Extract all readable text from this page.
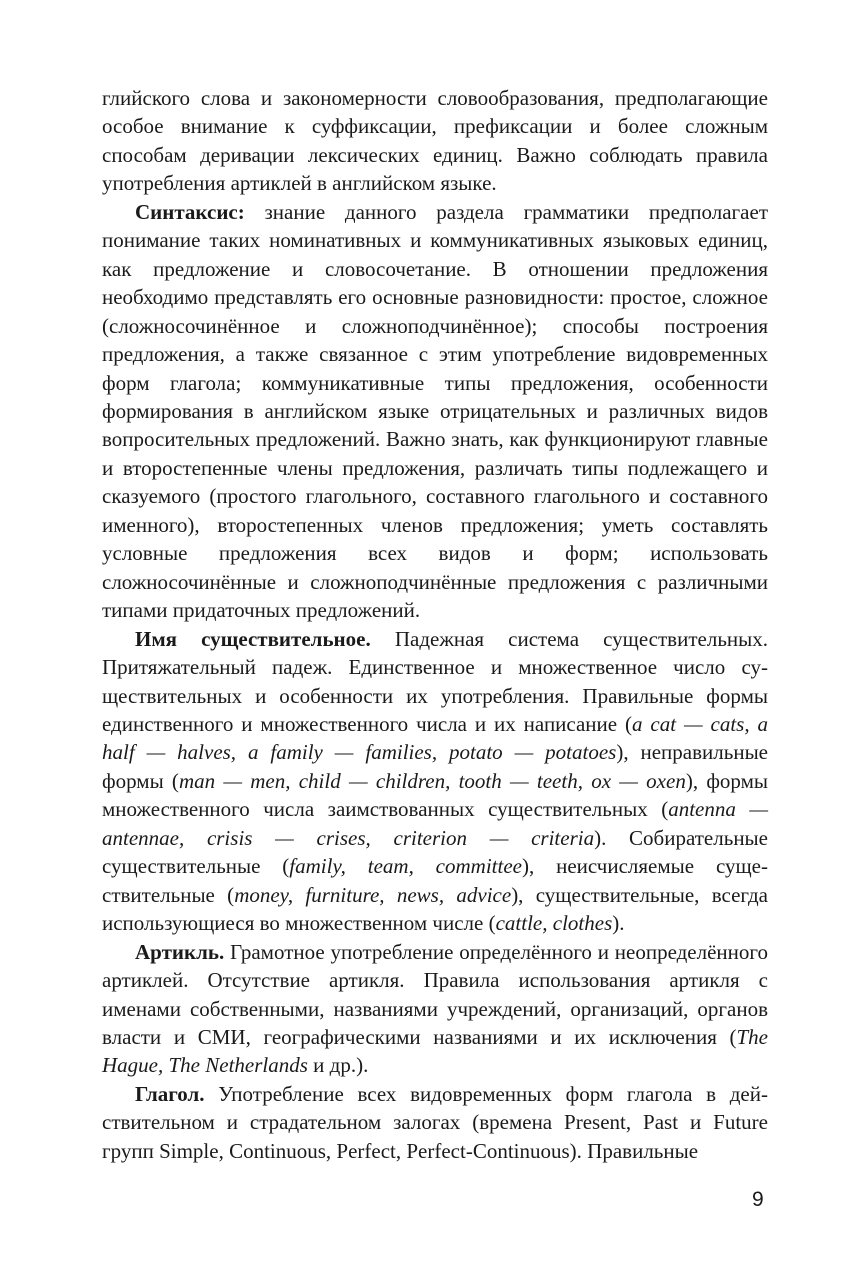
глийского слова и закономерности словообразования, предполагающие особое внимание к суффиксации, префиксации и более сложным способам деривации лексических единиц. Важно соблюдать правила употребления артиклей в английском языке.

Синтаксис: знание данного раздела грамматики предполагает понимание таких номинативных и коммуникативных языковых единиц, как предложение и словосочетание. В отношении предложения необходимо представлять его основные разновидности: простое, сложное (сложносочинённое и сложноподчинённое); способы построения предложения, а также связанное с этим употребление видовременных форм глагола; коммуникативные типы предложения, особенности формирования в английском языке отрицательных и различных видов вопросительных предложений. Важно знать, как функционируют главные и второстепенные члены предложения, различать типы подлежащего и сказуемого (простого глагольного, составного глагольного и составного именного), второстепенных членов предложения; уметь составлять условные предложения всех видов и форм; использовать сложносочинённые и сложноподчинённые предложения с различными типами придаточных предложений.

Имя существительное. Падежная система существительных. Притяжательный падеж. Единственное и множественное число существительных и особенности их употребления. Правильные формы единственного и множественного числа и их написание (a cat — cats, a half — halves, a family — families, potato — potatoes), неправильные формы (man — men, child — children, tooth — teeth, ox — oxen), формы множественного числа заимствованных существительных (antenna — antennae, crisis — crises, criterion — criteria). Собирательные существительные (family, team, committee), неисчисляемые существительные (money, furniture, news, advice), существительные, всегда использующиеся во множественном числе (cattle, clothes).

Артикль. Грамотное употребление определённого и неопределённого артиклей. Отсутствие артикля. Правила использования артикля с именами собственными, названиями учреждений, организаций, органов власти и СМИ, географическими названиями и их исключения (The Hague, The Netherlands и др.).

Глагол. Употребление всех видовременных форм глагола в действительном и страдательном залогах (времена Present, Past и Future групп Simple, Continuous, Perfect, Perfect-Continuous). Правильные

9
